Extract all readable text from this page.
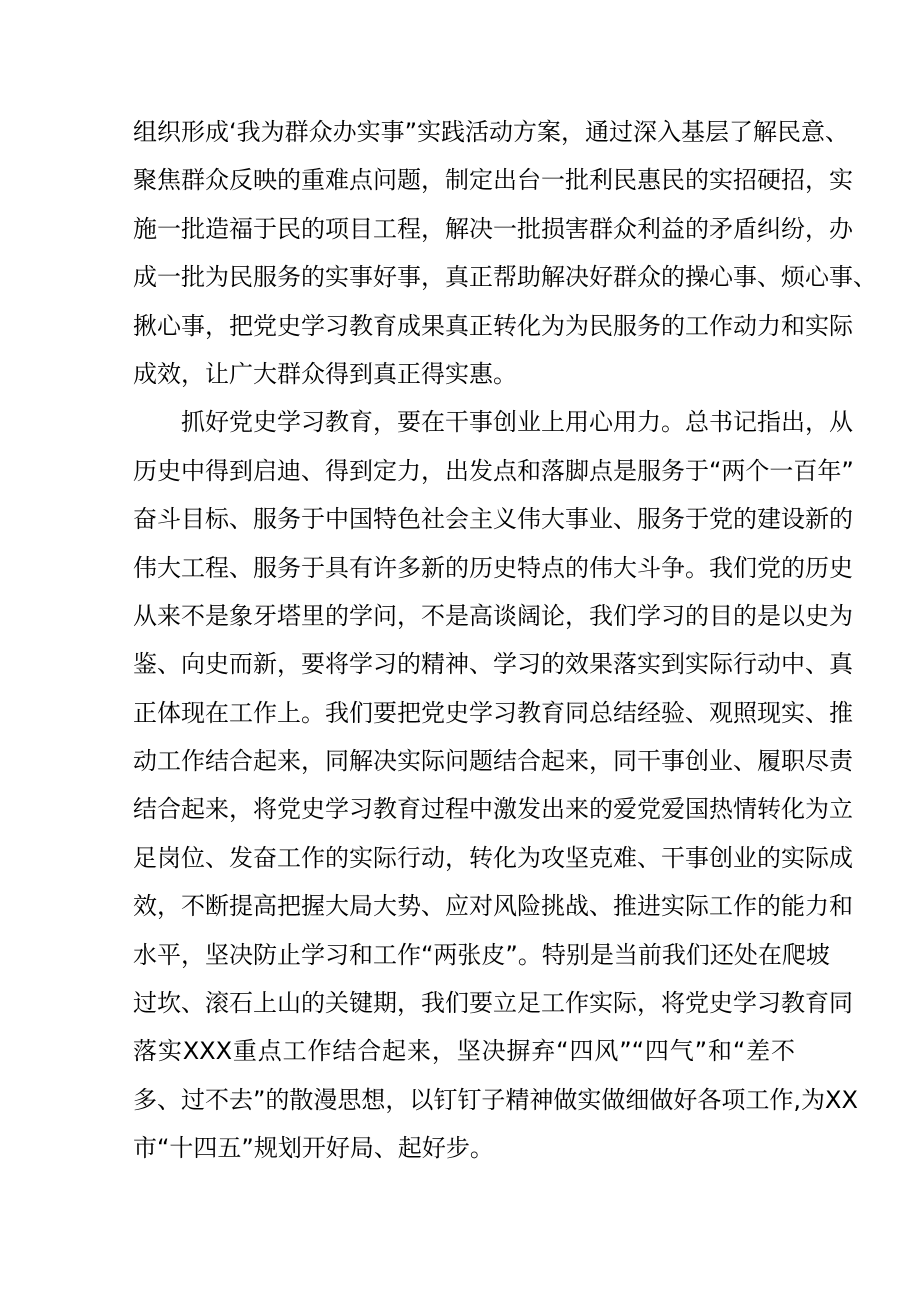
组织形成‘我为群众办实事”实践活动方案，通过深入基层了解民意、
聚焦群众反映的重难点问题，制定出台一批利民惠民的实招硬招，实
施一批造福于民的项目工程，解决一批损害群众利益的矛盾纠纷，办
成一批为民服务的实事好事，真正帮助解决好群众的操心事、烦心事、
揪心事，把党史学习教育成果真正转化为为民服务的工作动力和实际
成效，让广大群众得到真正得实惠。
抓好党史学习教育，要在干事创业上用心用力。总书记指出，从
历史中得到启迪、得到定力，出发点和落脚点是服务于“两个一百年”
奋斗目标、服务于中国特色社会主义伟大事业、服务于党的建设新的
伟大工程、服务于具有许多新的历史特点的伟大斗争。我们党的历史
从来不是象牙塔里的学问，不是高谈阔论，我们学习的目的是以史为
鉴、向史而新，要将学习的精神、学习的效果落实到实际行动中、真
正体现在工作上。我们要把党史学习教育同总结经验、观照现实、推
动工作结合起来，同解决实际问题结合起来，同干事创业、履职尽责
结合起来，将党史学习教育过程中激发出来的爱党爱国热情转化为立
足岗位、发奋工作的实际行动，转化为攻坚克难、干事创业的实际成
效，不断提高把握大局大势、应对风险挑战、推进实际工作的能力和
水平，坚决防止学习和工作“两张皮”。特别是当前我们还处在爬坡
过坎、滚石上山的关键期，我们要立足工作实际，将党史学习教育同
落实XXX重点工作结合起来，坚决摒弃“四风”“四气”和“差不
多、过不去”的散漫思想，以钉钉子精神做实做细做好各项工作,为XX
市“十四五”规划开好局、起好步。
